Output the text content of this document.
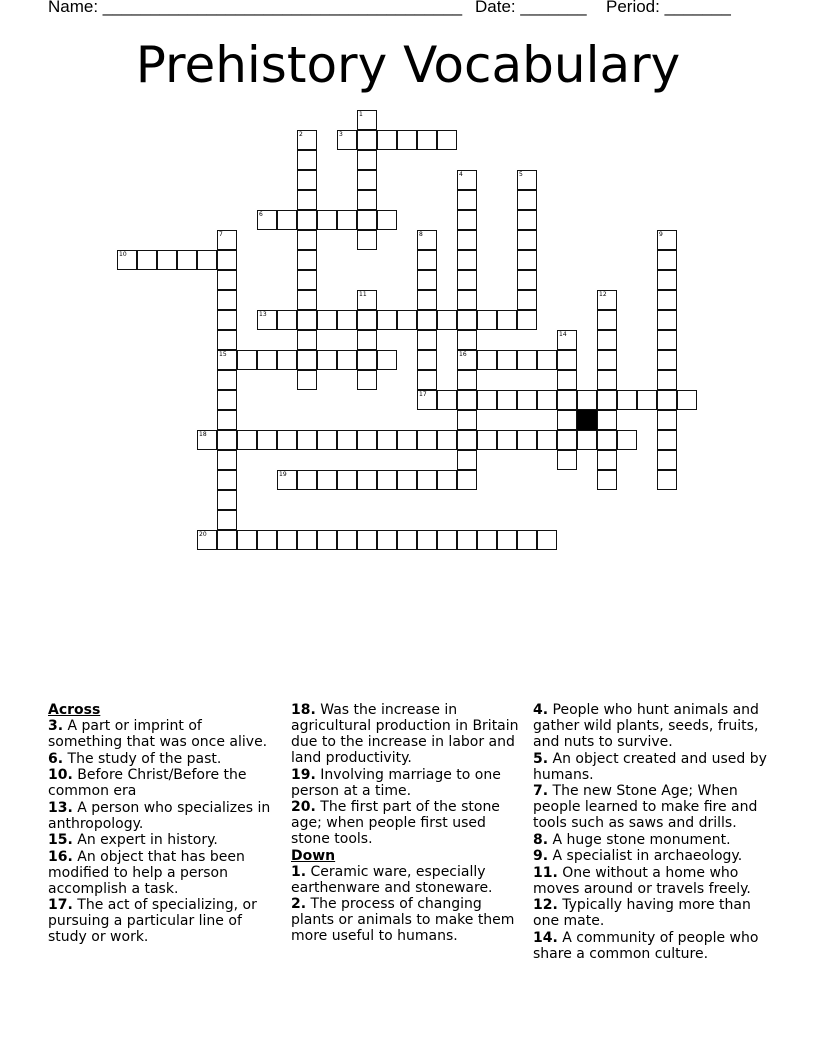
Name: ______________________________________ Date: _______ Period: _______
Prehistory Vocabulary
1
2	3
4
16
5
6
7
15
8
17
9
10
11	12
13
14
18
19
20
Across
3. A part or imprint of something that was once alive.
6. The study of the past.
10. Before Christ/Before the common era
13. A person who specializes in anthropology.
15. An expert in history.
16. An object that has been modified to help a person accomplish a task.
17. The act of specializing, or pursuing a particular line of study or work.
18. Was the increase in agricultural production in Britain due to the increase in labor and land productivity.
19. Involving marriage to one person at a time.
20. The first part of the stone age; when people first used stone tools.
Down
1. Ceramic ware, especially earthenware and stoneware.
2. The process of changing plants or animals to make them more useful to humans.
4. People who hunt animals and gather wild plants, seeds, fruits, and nuts to survive.
5. An object created and used by humans.
7. The new Stone Age; When people learned to make fire and tools such as saws and drills.
8. A huge stone monument.
9. A specialist in archaeology.
11. One without a home who moves around or travels freely.
12. Typically having more than one mate.
14. A community of people who share a common culture.
